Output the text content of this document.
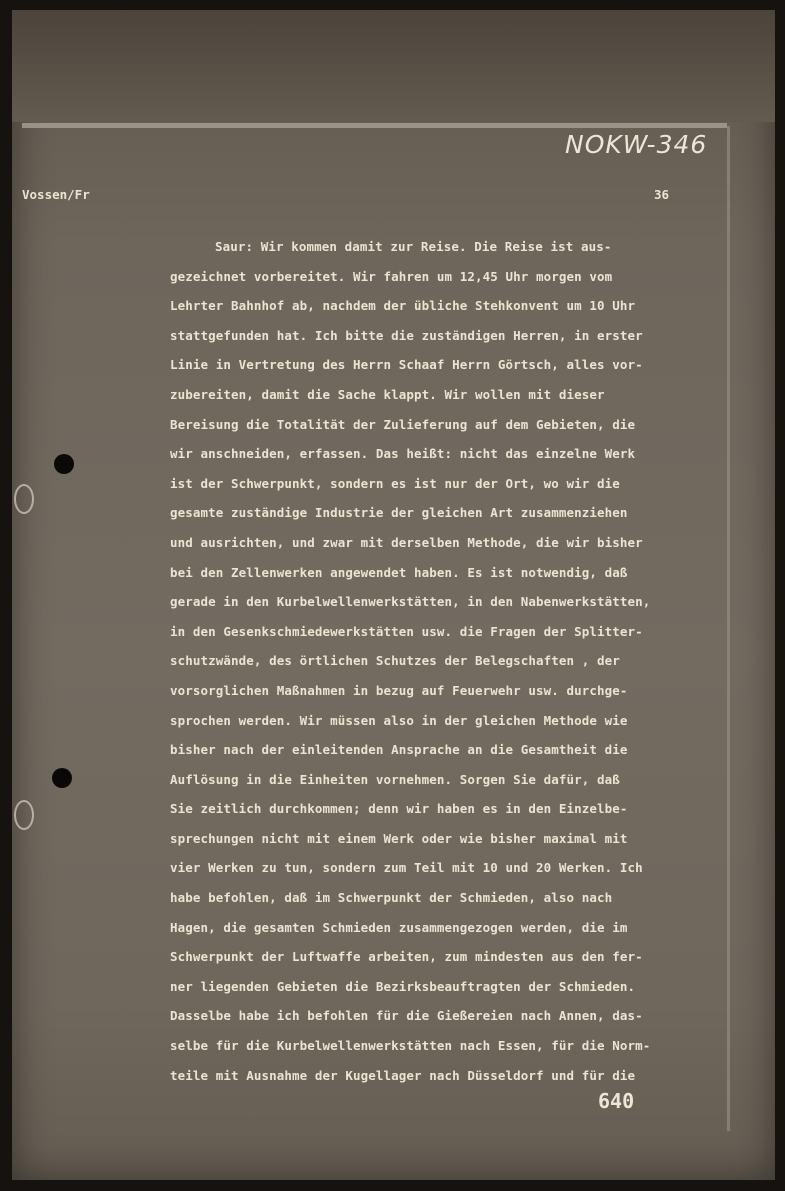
NOKW-346
Vossen/Fr	36
Saur: Wir kommen damit zur Reise. Die Reise ist aus-
gezeichnet vorbereitet. Wir fahren um 12,45 Uhr morgen vom
Lehrter Bahnhof ab, nachdem der übliche Stehkonvent um 10 Uhr
stattgefunden hat. Ich bitte die zuständigen Herren, in erster
Linie in Vertretung des Herrn Schaaf Herrn Görtsch, alles vor-
zubereiten, damit die Sache klappt. Wir wollen mit dieser
Bereisung die Totalität der Zulieferung auf dem Gebieten, die
wir anschneiden, erfassen. Das heißt: nicht das einzelne Werk
ist der Schwerpunkt, sondern es ist nur der Ort, wo wir die
gesamte zuständige Industrie der gleichen Art zusammenziehen
und ausrichten, und zwar mit derselben Methode, die wir bisher
bei den Zellenwerken angewendet haben. Es ist notwendig, daß
gerade in den Kurbelwellenwerkstätten, in den Nabenwerkstätten,
in den Gesenkschmiedewerkstätten usw. die Fragen der Splitter-
schutzwände, des örtlichen Schutzes der Belegschaften , der
vorsorglichen Maßnahmen in bezug auf Feuerwehr usw. durchge-
sprochen werden. Wir müssen also in der gleichen Methode wie
bisher nach der einleitenden Ansprache an die Gesamtheit die
Auflösung in die Einheiten vornehmen. Sorgen Sie dafür, daß
Sie zeitlich durchkommen; denn wir haben es in den Einzelbe-
sprechungen nicht mit einem Werk oder wie bisher maximal mit
vier Werken zu tun, sondern zum Teil mit 10 und 20 Werken. Ich
habe befohlen, daß im Schwerpunkt der Schmieden, also nach
Hagen, die gesamten Schmieden zusammengezogen werden, die im
Schwerpunkt der Luftwaffe arbeiten, zum mindesten aus den fer-
ner liegenden Gebieten die Bezirksbeauftragten der Schmieden.
Dasselbe habe ich befohlen für die Gießereien nach Annen, das-
selbe für die Kurbelwellenwerkstätten nach Essen, für die Norm-
teile mit Ausnahme der Kugellager nach Düsseldorf und für die
640
